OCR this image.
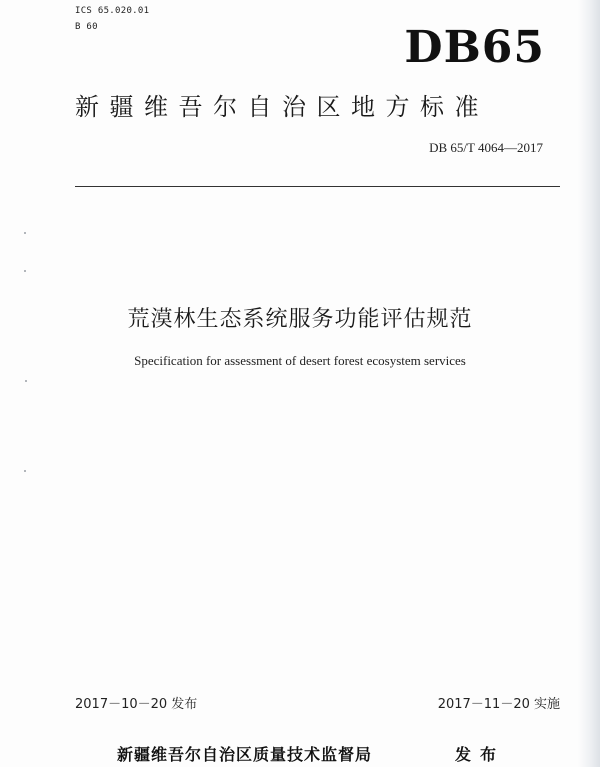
ICS 65.020.01
B 60	DB65
新疆维吾尔自治区地方标准
DB 65/T 4064—2017
荒漠林生态系统服务功能评估规范
Specification for assessment of desert forest ecosystem services
2017－10－20 发布	2017－11－20 实施
新疆维吾尔自治区质量技术监督局	发布
